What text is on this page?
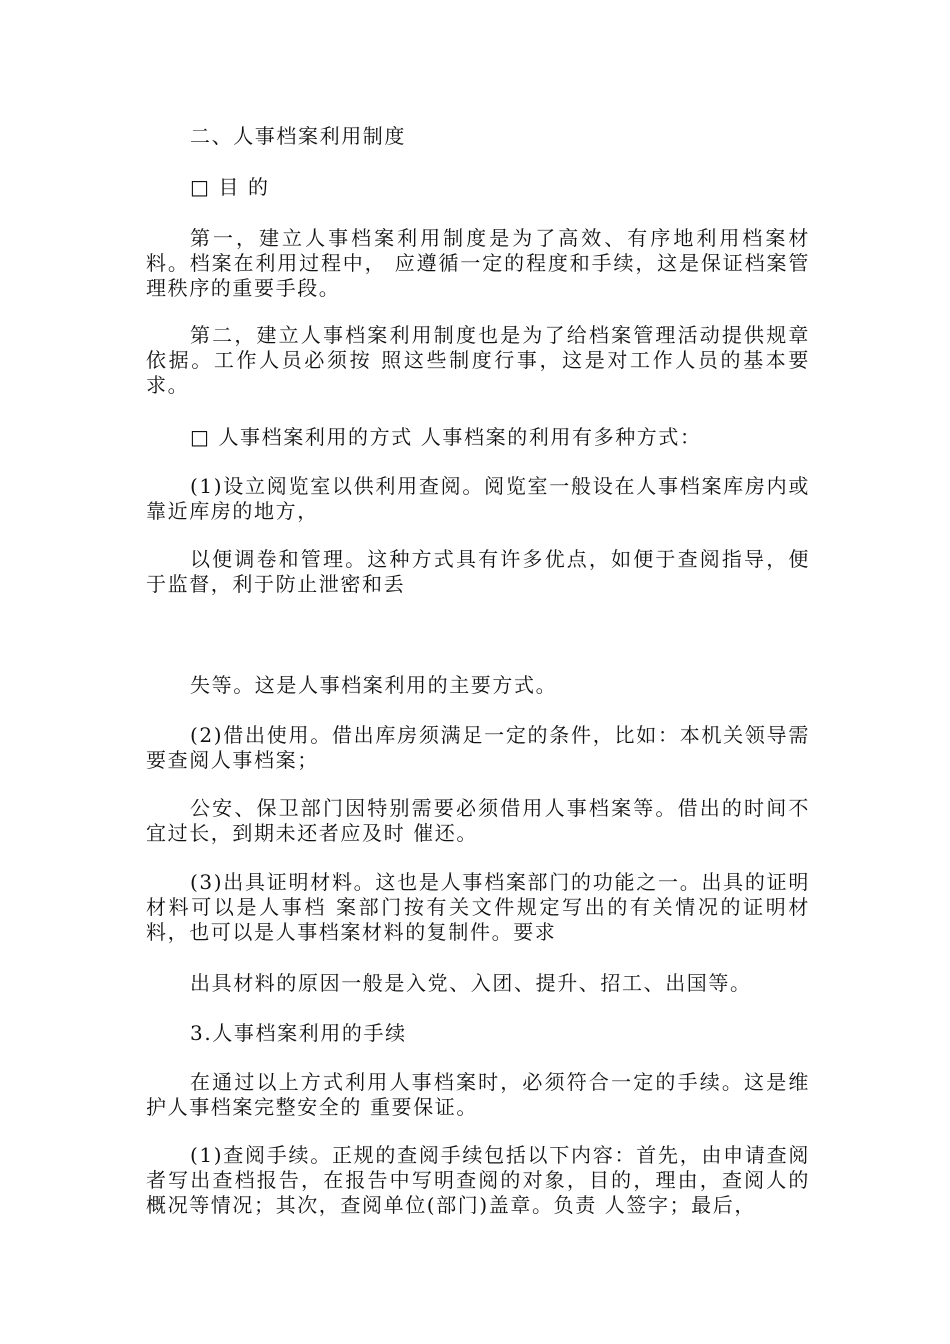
二、人事档案利用制度
□ 目 的
第一，建立人事档案利用制度是为了高效、有序地利用档案材料。档案在利用过程中， 应遵循一定的程度和手续，这是保证档案管理秩序的重要手段。
第二，建立人事档案利用制度也是为了给档案管理活动提供规章依据。工作人员必须按 照这些制度行事，这是对工作人员的基本要求。
□ 人事档案利用的方式 人事档案的利用有多种方式：
(1)设立阅览室以供利用查阅。阅览室一般设在人事档案库房内或靠近库房的地方，
以便调卷和管理。这种方式具有许多优点，如便于查阅指导，便于监督，利于防止泄密和丢
失等。这是人事档案利用的主要方式。
(2)借出使用。借出库房须满足一定的条件，比如：本机关领导需要查阅人事档案；
公安、保卫部门因特别需要必须借用人事档案等。借出的时间不宜过长，到期未还者应及时 催还。
(3)出具证明材料。这也是人事档案部门的功能之一。出具的证明材料可以是人事档 案部门按有关文件规定写出的有关情况的证明材料，也可以是人事档案材料的复制件。要求
出具材料的原因一般是入党、入团、提升、招工、出国等。
3.人事档案利用的手续
在通过以上方式利用人事档案时，必须符合一定的手续。这是维护人事档案完整安全的 重要保证。
(1)查阅手续。正规的查阅手续包括以下内容：首先，由申请查阅者写出查档报告，在报告中写明查阅的对象，目的，理由，查阅人的概况等情况；其次，查阅单位(部门)盖章。负责 人签字；最后，
